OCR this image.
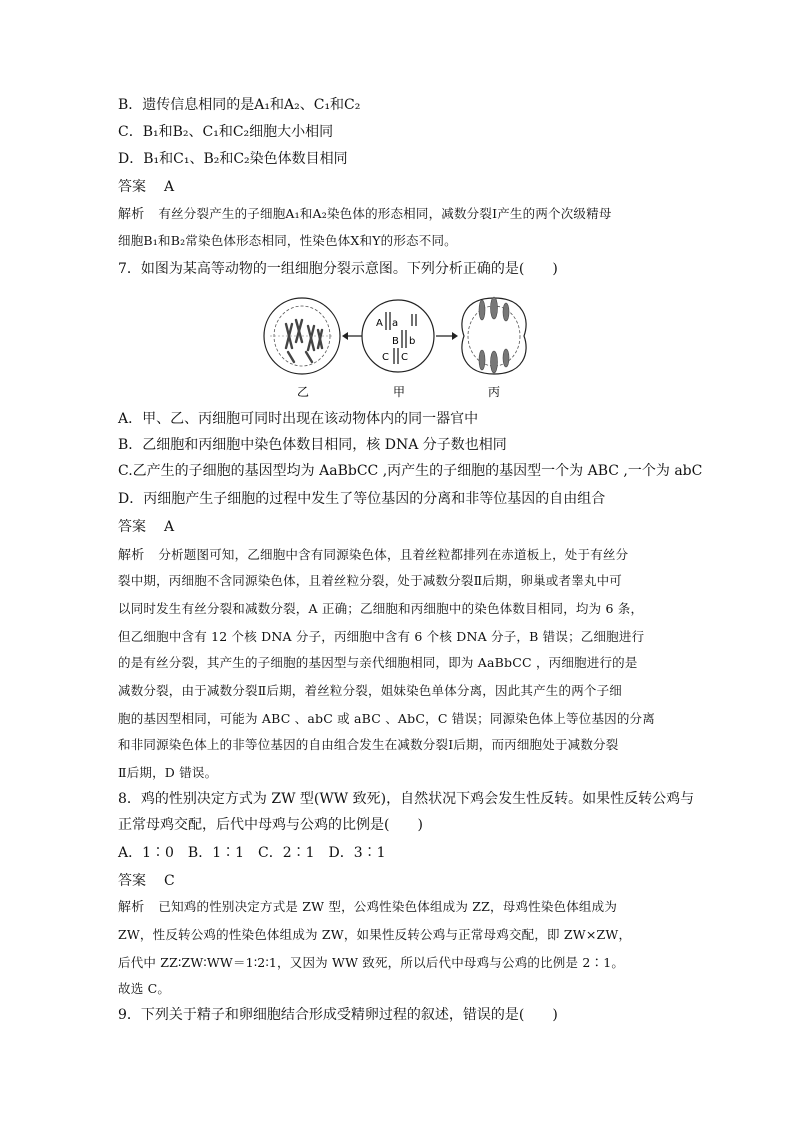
B．遗传信息相同的是A₁和A₂、C₁和C₂
C．B₁和B₂、C₁和C₂细胞大小相同
D．B₁和C₁、B₂和C₂染色体数目相同
答案 A
解析 有丝分裂产生的子细胞A₁和A₂染色体的形态相同，减数分裂Ⅰ产生的两个次级精母
细胞B₁和B₂常染色体形态相同，性染色体X和Y的形态不同。
7．如图为某高等动物的一组细胞分裂示意图。下列分析正确的是(　　)
A a
B b
C C
乙	甲	丙
A．甲、乙、丙细胞可同时出现在该动物体内的同一器官中
B．乙细胞和丙细胞中染色体数目相同，核 DNA 分子数也相同
C.乙产生的子细胞的基因型均为 AaBbCC ,丙产生的子细胞的基因型一个为 ABC ,一个为 abC
D．丙细胞产生子细胞的过程中发生了等位基因的分离和非等位基因的自由组合
答案 A
解析 分析题图可知，乙细胞中含有同源染色体，且着丝粒都排列在赤道板上，处于有丝分
裂中期，丙细胞不含同源染色体，且着丝粒分裂，处于减数分裂Ⅱ后期，卵巢或者睾丸中可
以同时发生有丝分裂和减数分裂，A 正确；乙细胞和丙细胞中的染色体数目相同，均为 6 条，
但乙细胞中含有 12 个核 DNA 分子，丙细胞中含有 6 个核 DNA 分子，B 错误；乙细胞进行
的是有丝分裂，其产生的子细胞的基因型与亲代细胞相同，即为 AaBbCC ，丙细胞进行的是
减数分裂，由于减数分裂Ⅱ后期，着丝粒分裂，姐妹染色单体分离，因此其产生的两个子细
胞的基因型相同，可能为 ABC 、abC 或 aBC 、AbC，C 错误；同源染色体上等位基因的分离
和非同源染色体上的非等位基因的自由组合发生在减数分裂Ⅰ后期，而丙细胞处于减数分裂
Ⅱ后期，D 错误。
8．鸡的性别决定方式为 ZW 型(WW 致死)，自然状况下鸡会发生性反转。如果性反转公鸡与
正常母鸡交配，后代中母鸡与公鸡的比例是(　　)
A．1∶0　B．1∶1　C．2∶1　D．3∶1
答案 C
解析 已知鸡的性别决定方式是 ZW 型，公鸡性染色体组成为 ZZ，母鸡性染色体组成为
ZW，性反转公鸡的性染色体组成为 ZW，如果性反转公鸡与正常母鸡交配，即 ZW×ZW，
后代中 ZZ∶ZW∶WW＝1∶2∶1，又因为 WW 致死，所以后代中母鸡与公鸡的比例是 2∶1。
故选 C。
9．下列关于精子和卵细胞结合形成受精卵过程的叙述，错误的是(　　)
